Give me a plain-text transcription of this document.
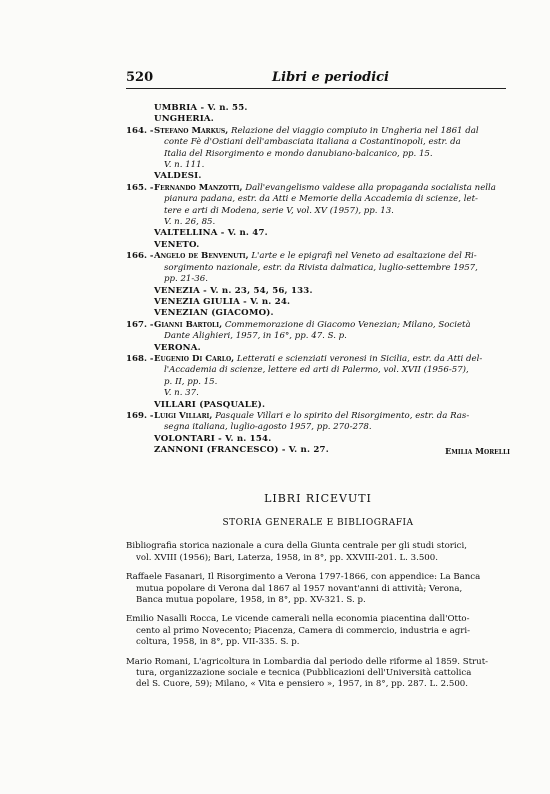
520	Libri e periodici
UMBRIA - V. n. 55.
UNGHERIA.
164. - Stefano Markus, Relazione del viaggio compiuto in Ungheria nel 1861 dal
conte Fè d'Ostiani dell'ambasciata italiana a Costantinopoli, estr. da
Italia del Risorgimento e mondo danubiano-balcanico, pp. 15.
V. n. 111.
VALDESI.
165. - Fernando Manzotti, Dall'evangelismo valdese alla propaganda socialista nella
pianura padana, estr. da Atti e Memorie della Accademia di scienze, let-
tere e arti di Modena, serie V, vol. XV (1957), pp. 13.
V. n. 26, 85.
VALTELLINA - V. n. 47.
VENETO.
166. - Angelo de Benvenuti, L'arte e le epigrafi nel Veneto ad esaltazione del Ri-
sorgimento nazionale, estr. da Rivista dalmatica, luglio-settembre 1957,
pp. 21-36.
VENEZIA - V. n. 23, 54, 56, 133.
VENEZIA GIULIA - V. n. 24.
VENEZIAN (GIACOMO).
167. - Gianni Bartoli, Commemorazione di Giacomo Venezian; Milano, Società
Dante Alighieri, 1957, in 16°, pp. 47. S. p.
VERONA.
168. - Eugenio Di Carlo, Letterati e scienziati veronesi in Sicilia, estr. da Atti del-
l'Accademia di scienze, lettere ed arti di Palermo, vol. XVII (1956-57),
p. II, pp. 15.
V. n. 37.
VILLARI (PASQUALE).
169. - Luigi Villari, Pasquale Villari e lo spirito del Risorgimento, estr. da Ras-
segna italiana, luglio-agosto 1957, pp. 270-278.
VOLONTARI - V. n. 154.
ZANNONI (FRANCESCO) - V. n. 27.	Emilia Morelli
LIBRI RICEVUTI
STORIA GENERALE E BIBLIOGRAFIA
Bibliografia storica nazionale a cura della Giunta centrale per gli studi storici,
vol. XVIII (1956); Bari, Laterza, 1958, in 8°, pp. XXVIII-201. L. 3.500.
Raffaele Fasanari, Il Risorgimento a Verona 1797-1866, con appendice: La Banca
mutua popolare di Verona dal 1867 al 1957 novant'anni di attività; Verona,
Banca mutua popolare, 1958, in 8°, pp. XV-321. S. p.
Emilio Nasalli Rocca, Le vicende camerali nella economia piacentina dall'Otto-
cento al primo Novecento; Piacenza, Camera di commercio, industria e agri-
coltura, 1958, in 8°, pp. VII-335. S. p.
Mario Romani, L'agricoltura in Lombardia dal periodo delle riforme al 1859. Strut-
tura, organizzazione sociale e tecnica (Pubblicazioni dell'Università cattolica
del S. Cuore, 59); Milano, « Vita e pensiero », 1957, in 8°, pp. 287. L. 2.500.
